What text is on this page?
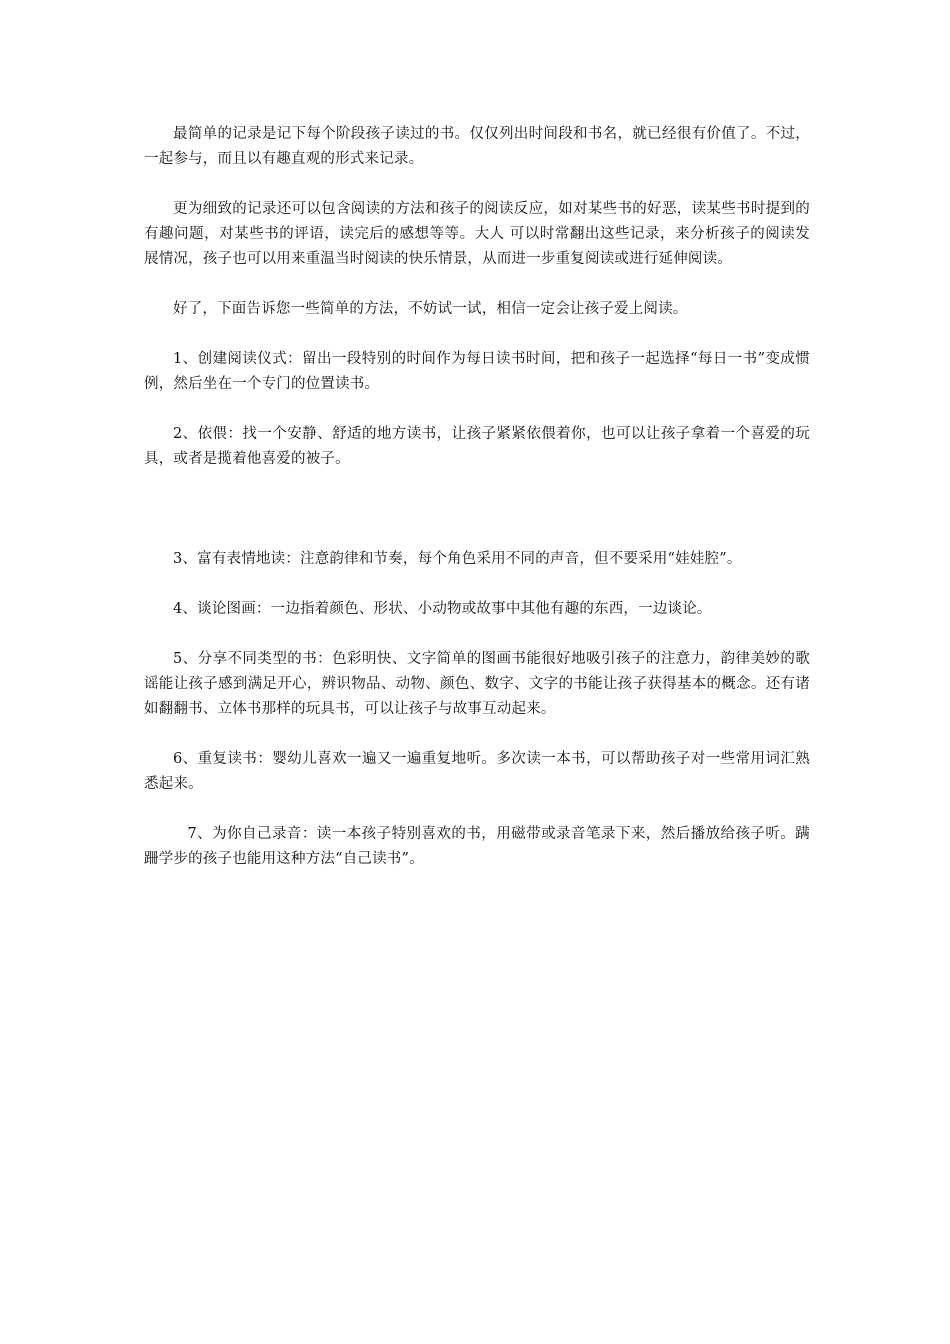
最简单的记录是记下每个阶段孩子读过的书。仅仅列出时间段和书名，就已经很有价值了。不过，一起参与，而且以有趣直观的形式来记录。

更为细致的记录还可以包含阅读的方法和孩子的阅读反应，如对某些书的好恶，读某些书时提到的有趣问题，对某些书的评语，读完后的感想等等。大人 可以时常翻出这些记录，来分析孩子的阅读发展情况，孩子也可以用来重温当时阅读的快乐情景，从而进一步重复阅读或进行延伸阅读。

好了，下面告诉您一些简单的方法，不妨试一试，相信一定会让孩子爱上阅读。

1、创建阅读仪式：留出一段特别的时间作为每日读书时间，把和孩子一起选择“每日一书”变成惯例，然后坐在一个专门的位置读书。

2、依偎：找一个安静、舒适的地方读书，让孩子紧紧依偎着你，也可以让孩子拿着一个喜爱的玩具，或者是揽着他喜爱的被子。

3、富有表情地读：注意韵律和节奏，每个角色采用不同的声音，但不要采用“娃娃腔”。

4、谈论图画：一边指着颜色、形状、小动物或故事中其他有趣的东西，一边谈论。

5、分享不同类型的书：色彩明快、文字简单的图画书能很好地吸引孩子的注意力，韵律美妙的歌谣能让孩子感到满足开心，辨识物品、动物、颜色、数字、文字的书能让孩子获得基本的概念。还有诸如翻翻书、立体书那样的玩具书，可以让孩子与故事互动起来。

6、重复读书：婴幼儿喜欢一遍又一遍重复地听。多次读一本书，可以帮助孩子对一些常用词汇熟悉起来。

7、为你自己录音：读一本孩子特别喜欢的书，用磁带或录音笔录下来，然后播放给孩子听。蹒跚学步的孩子也能用这种方法“自己读书”。
